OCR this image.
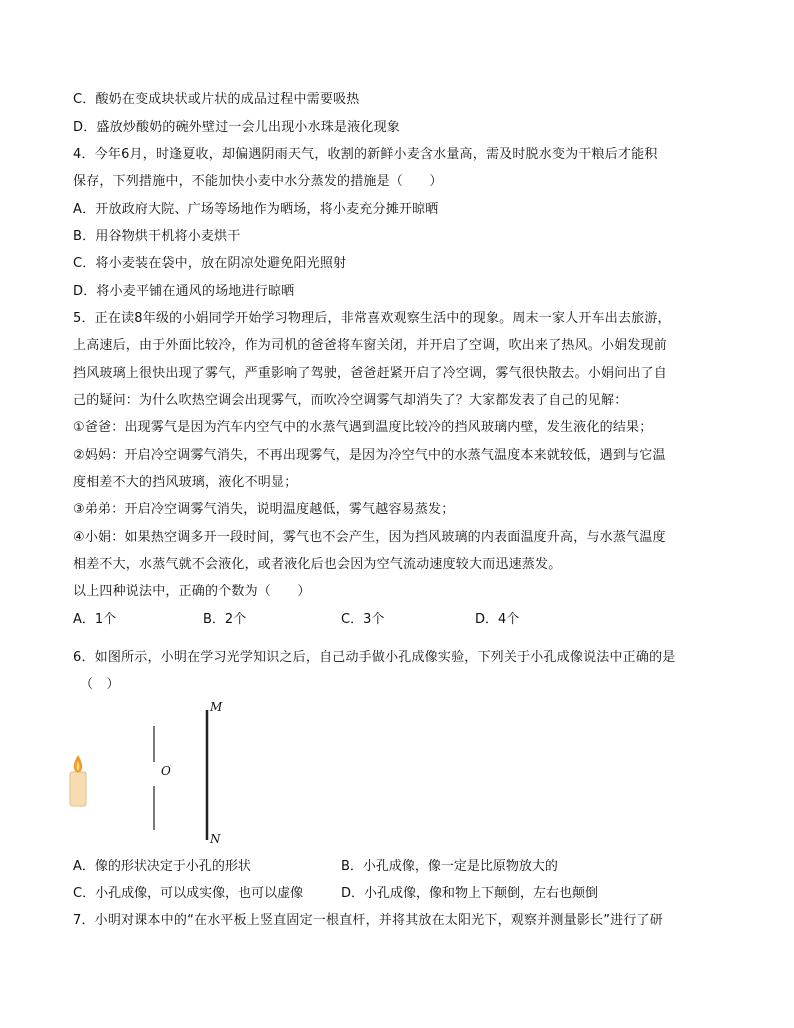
C．酸奶在变成块状或片状的成品过程中需要吸热
D．盛放炒酸奶的碗外壁过一会儿出现小水珠是液化现象
4．今年6月，时逢夏收，却偏遇阴雨天气，收割的新鲜小麦含水量高，需及时脱水变为干粮后才能积
保存，下列措施中，不能加快小麦中水分蒸发的措施是（　　）
A．开放政府大院、广场等场地作为晒场，将小麦充分摊开晾晒
B．用谷物烘干机将小麦烘干
C．将小麦装在袋中，放在阴凉处避免阳光照射
D．将小麦平铺在通风的场地进行晾晒
5．正在读8年级的小娟同学开始学习物理后，非常喜欢观察生活中的现象。周末一家人开车出去旅游，
上高速后，由于外面比较冷，作为司机的爸爸将车窗关闭，并开启了空调，吹出来了热风。小娟发现前
挡风玻璃上很快出现了雾气，严重影响了驾驶，爸爸赶紧开启了冷空调，雾气很快散去。小娟问出了自
己的疑问：为什么吹热空调会出现雾气，而吹冷空调雾气却消失了？大家都发表了自己的见解：
①爸爸：出现雾气是因为汽车内空气中的水蒸气遇到温度比较冷的挡风玻璃内壁，发生液化的结果；
②妈妈：开启冷空调雾气消失，不再出现雾气，是因为冷空气中的水蒸气温度本来就较低，遇到与它温
度相差不大的挡风玻璃，液化不明显；
③弟弟：开启冷空调雾气消失，说明温度越低，雾气越容易蒸发；
④小娟：如果热空调多开一段时间，雾气也不会产生，因为挡风玻璃的内表面温度升高，与水蒸气温度
相差不大，水蒸气就不会液化，或者液化后也会因为空气流动速度较大而迅速蒸发。
以上四种说法中，正确的个数为（　　）
A．1个	B．2个	C．3个	D．4个
6．如图所示，小明在学习光学知识之后，自己动手做小孔成像实验，下列关于小孔成像说法中正确的是
（　）
M
O
N
A．像的形状决定于小孔的形状	B．小孔成像，像一定是比原物放大的
C．小孔成像，可以成实像，也可以虚像	D．小孔成像，像和物上下颠倒，左右也颠倒
7．小明对课本中的“在水平板上竖直固定一根直杆，并将其放在太阳光下，观察并测量影长”进行了研
